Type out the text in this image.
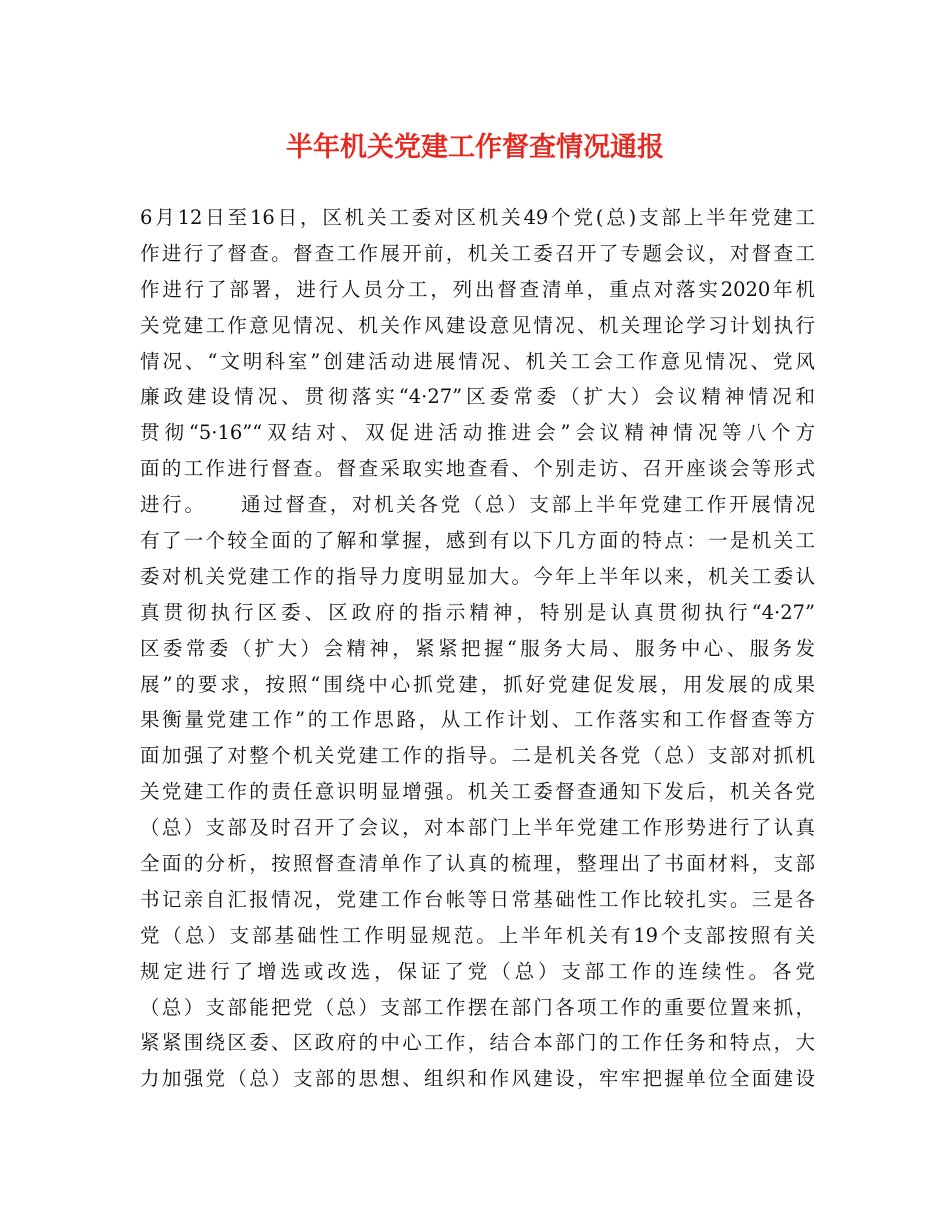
半年机关党建工作督查情况通报
6月12日至16日，区机关工委对区机关49个党(总)支部上半年党建工
作进行了督查。督查工作展开前，机关工委召开了专题会议，对督查工
作进行了部署，进行人员分工，列出督查清单，重点对落实2020年机
关党建工作意见情况、机关作风建设意见情况、机关理论学习计划执行
情况、“文明科室”创建活动进展情况、机关工会工作意见情况、党风
廉政建设情况、贯彻落实“4·27”区委常委（扩大）会议精神情况和
贯彻“5·16”“双结对、双促进活动推进会”会议精神情况等八个方
面的工作进行督查。督查采取实地查看、个别走访、召开座谈会等形式
进行。　　通过督查，对机关各党（总）支部上半年党建工作开展情况
有了一个较全面的了解和掌握，感到有以下几方面的特点：一是机关工
委对机关党建工作的指导力度明显加大。今年上半年以来，机关工委认
真贯彻执行区委、区政府的指示精神，特别是认真贯彻执行“4·27”
区委常委（扩大）会精神，紧紧把握“服务大局、服务中心、服务发
展”的要求，按照“围绕中心抓党建，抓好党建促发展，用发展的成果
果衡量党建工作”的工作思路，从工作计划、工作落实和工作督查等方
面加强了对整个机关党建工作的指导。二是机关各党（总）支部对抓机
关党建工作的责任意识明显增强。机关工委督查通知下发后，机关各党
（总）支部及时召开了会议，对本部门上半年党建工作形势进行了认真
全面的分析，按照督查清单作了认真的梳理，整理出了书面材料，支部
书记亲自汇报情况，党建工作台帐等日常基础性工作比较扎实。三是各
党（总）支部基础性工作明显规范。上半年机关有19个支部按照有关
规定进行了增选或改选，保证了党（总）支部工作的连续性。各党
（总）支部能把党（总）支部工作摆在部门各项工作的重要位置来抓，
紧紧围绕区委、区政府的中心工作，结合本部门的工作任务和特点，大
力加强党（总）支部的思想、组织和作风建设，牢牢把握单位全面建设
